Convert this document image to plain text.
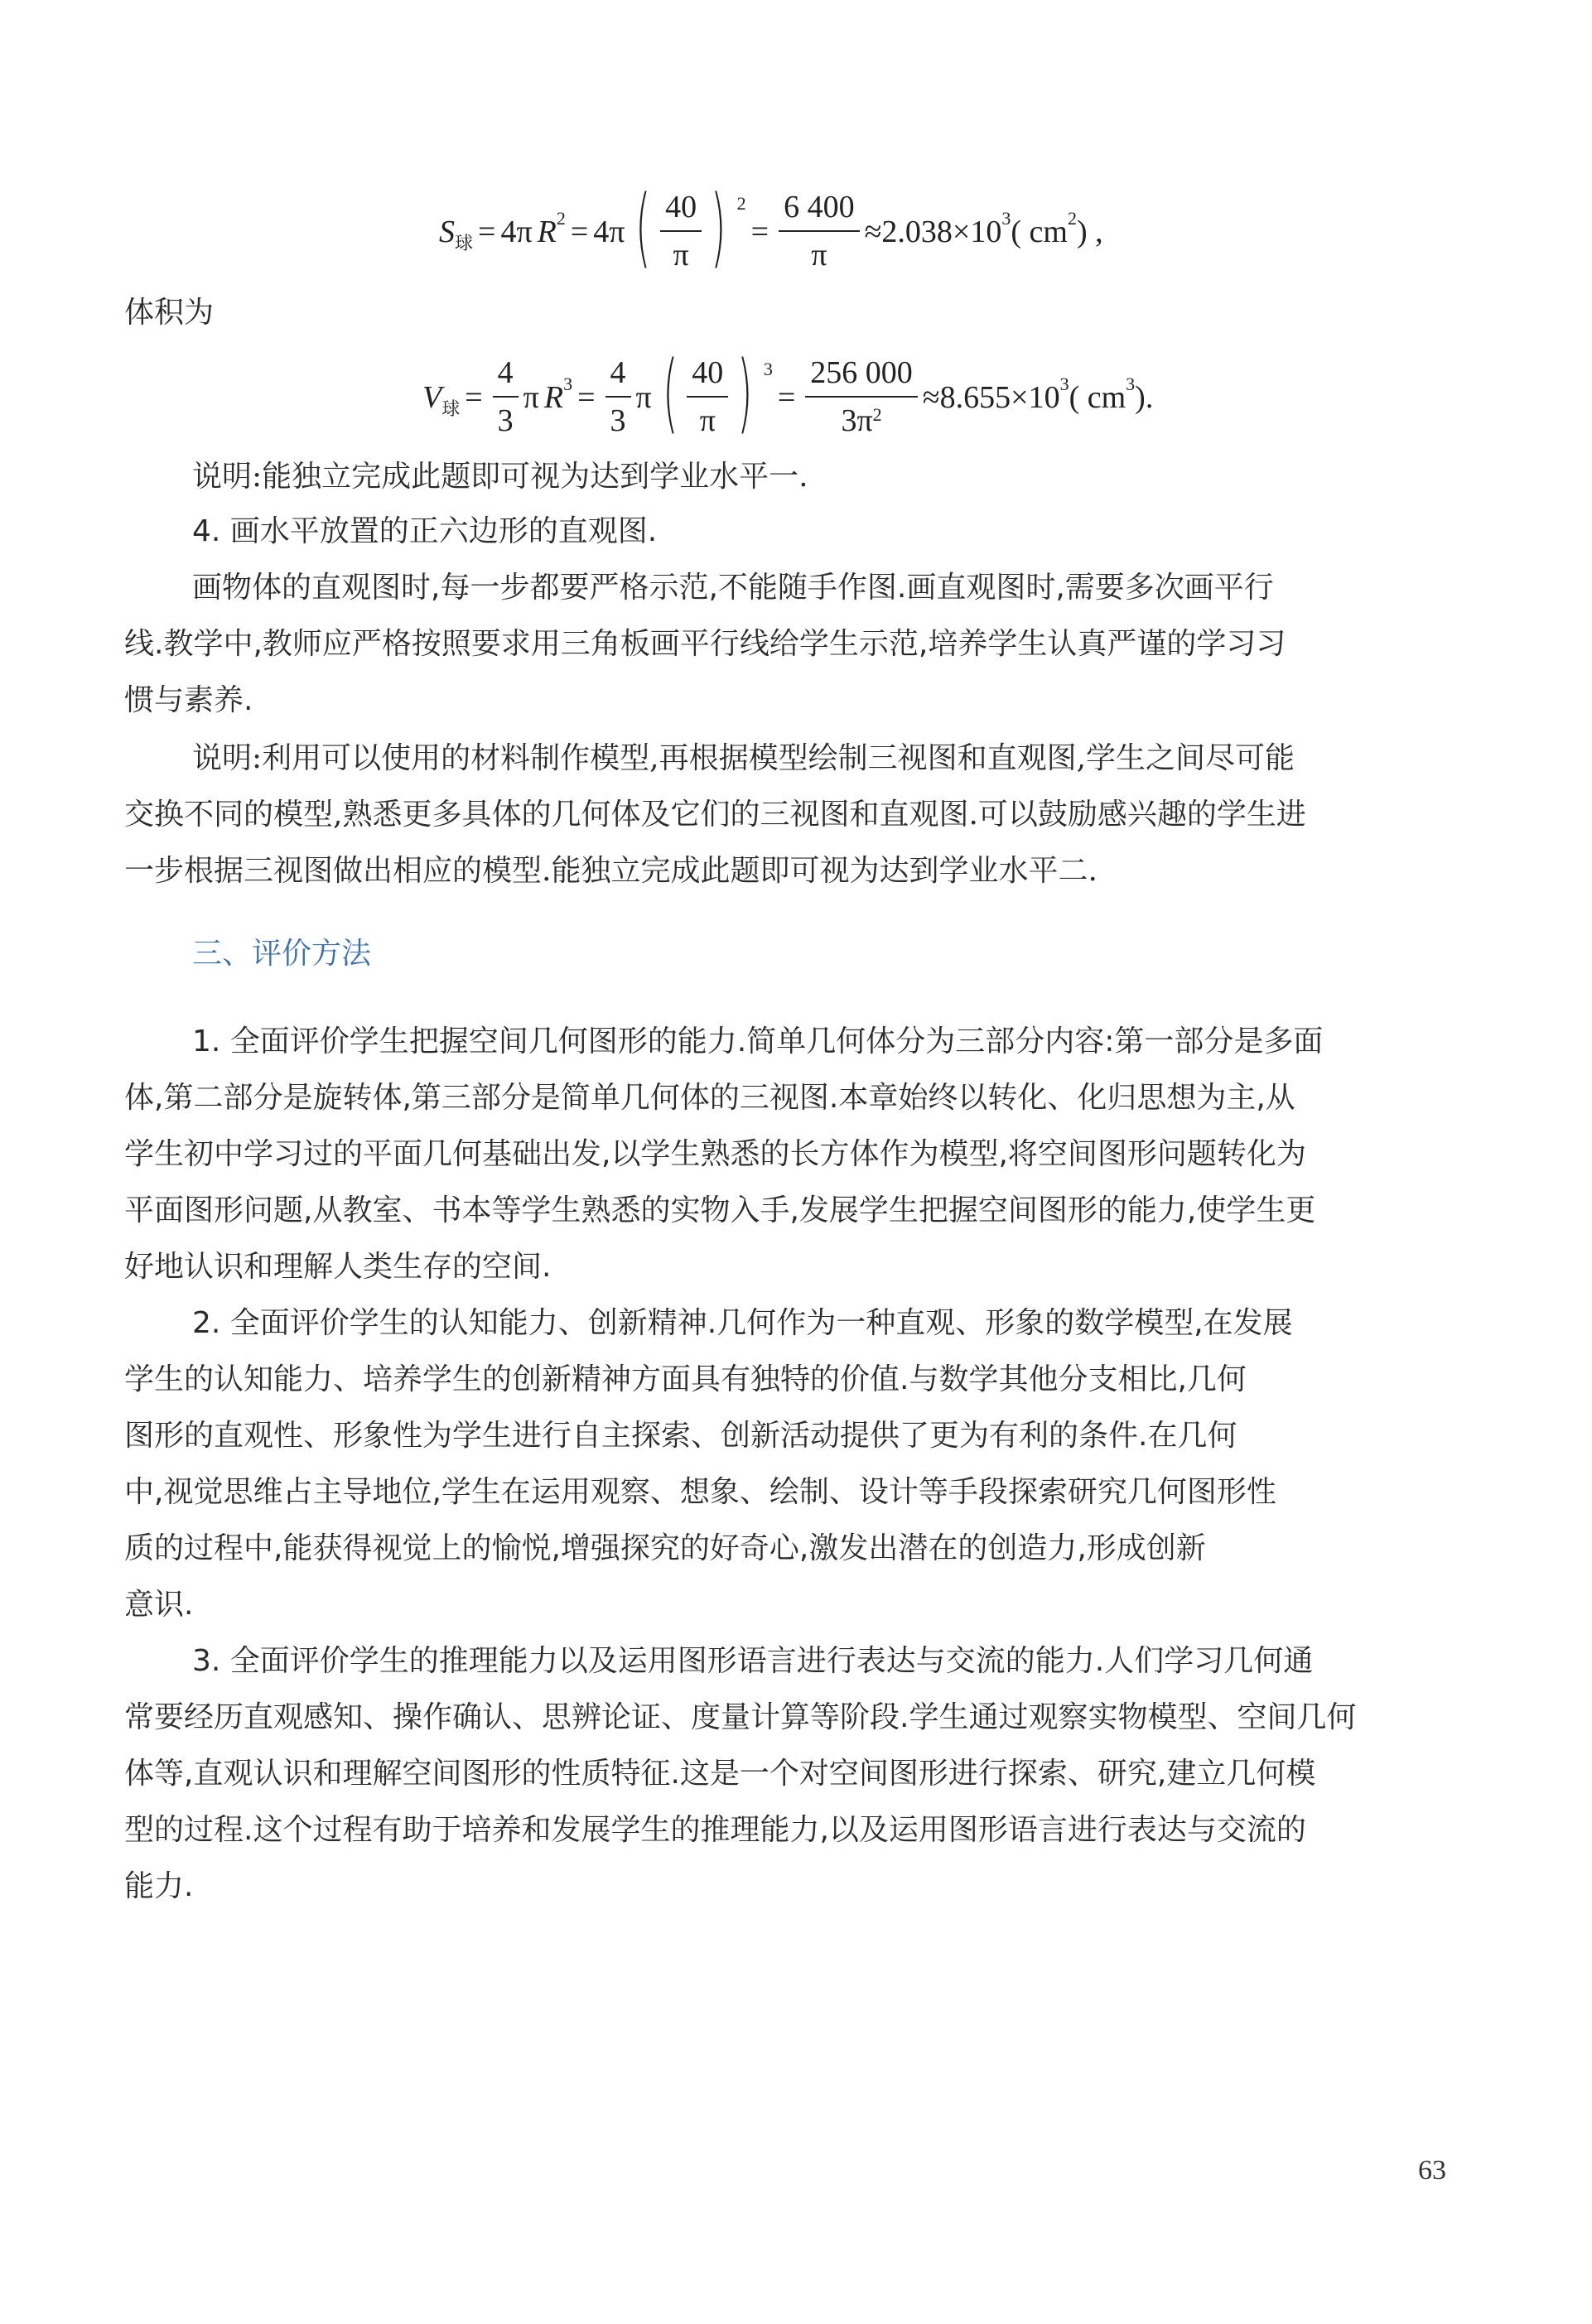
S 球 = 4π R 2 = 4π ( $\frac{40}{\pi}$ ) 2
= $\frac{6 400}{\pi} \approx 2.038\times 10$ 3 ( cm 2 ) ,
体积为
V 球 = $\frac{4}{3}$ π R $3 = \frac{4}{3}$ π ( $\frac{40}{\pi}$ ) 3
= $\frac{256 000}{3\pi^2} \approx 8.655\times 10$ 3 ( cm 3 ).
说明:能独立完成此题即可视为达到学业水平一.
4. 画水平放置的正六边形的直观图.
画物体的直观图时,每一步都要严格示范,不能随手作图.画直观图时,需要多次画平行
线.教学中,教师应严格按照要求用三角板画平行线给学生示范,培养学生认真严谨的学习习
惯与素养.
说明:利用可以使用的材料制作模型,再根据模型绘制三视图和直观图,学生之间尽可能
交换不同的模型,熟悉更多具体的几何体及它们的三视图和直观图.可以鼓励感兴趣的学生进
一步根据三视图做出相应的模型.能独立完成此题即可视为达到学业水平二.
三、评价方法
1. 全面评价学生把握空间几何图形的能力.简单几何体分为三部分内容:第一部分是多面
体,第二部分是旋转体,第三部分是简单几何体的三视图.本章始终以转化、化归思想为主,从
学生初中学习过的平面几何基础出发,以学生熟悉的长方体作为模型,将空间图形问题转化为
平面图形问题,从教室、书本等学生熟悉的实物入手,发展学生把握空间图形的能力,使学生更
好地认识和理解人类生存的空间.
2. 全面评价学生的认知能力、创新精神.几何作为一种直观、形象的数学模型,在发展
学生的认知能力、培养学生的创新精神方面具有独特的价值.与数学其他分支相比,几何
图形的直观性、形象性为学生进行自主探索、创新活动提供了更为有利的条件.在几何
中,视觉思维占主导地位,学生在运用观察、想象、绘制、设计等手段探索研究几何图形性
质的过程中,能获得视觉上的愉悦,增强探究的好奇心,激发出潜在的创造力,形成创新
意识.
3. 全面评价学生的推理能力以及运用图形语言进行表达与交流的能力.人们学习几何通
常要经历直观感知、操作确认、思辨论证、度量计算等阶段.学生通过观察实物模型、空间几何
体等,直观认识和理解空间图形的性质特征.这是一个对空间图形进行探索、研究,建立几何模
型的过程.这个过程有助于培养和发展学生的推理能力,以及运用图形语言进行表达与交流的
能力.
63
